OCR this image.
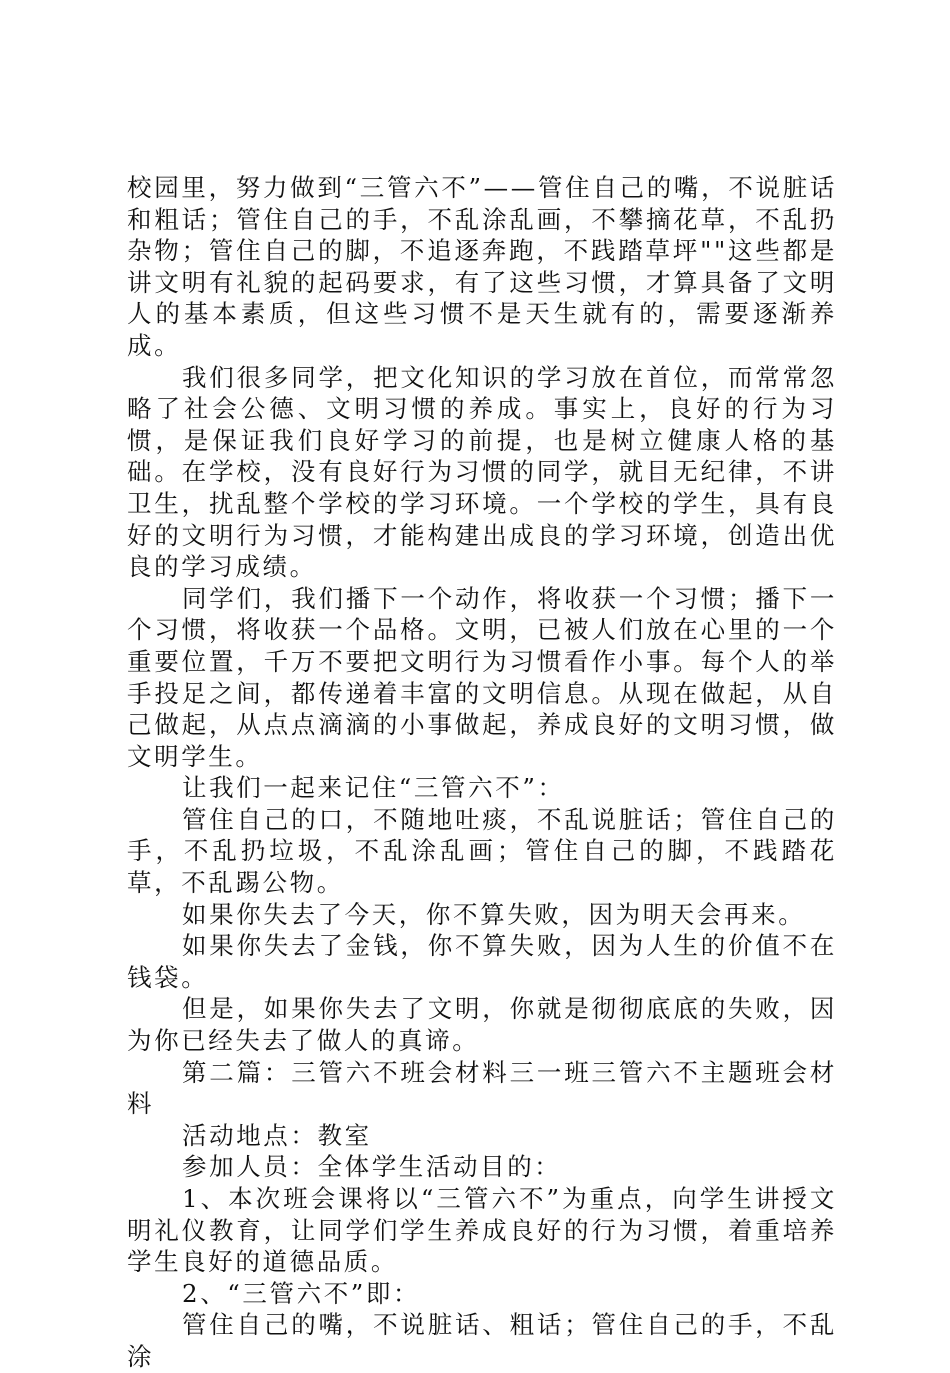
校园里，努力做到“三管六不”——管住自己的嘴，不说脏话和粗话；管住自己的手，不乱涂乱画，不攀摘花草，不乱扔杂物；管住自己的脚，不追逐奔跑，不践踏草坪""这些都是讲文明有礼貌的起码要求，有了这些习惯，才算具备了文明人的基本素质，但这些习惯不是天生就有的，需要逐渐养成。

我们很多同学，把文化知识的学习放在首位，而常常忽略了社会公德、文明习惯的养成。事实上，良好的行为习惯，是保证我们良好学习的前提，也是树立健康人格的基础。在学校，没有良好行为习惯的同学，就目无纪律，不讲卫生，扰乱整个学校的学习环境。一个学校的学生，具有良好的文明行为习惯，才能构建出成良的学习环境，创造出优良的学习成绩。

同学们，我们播下一个动作，将收获一个习惯；播下一个习惯，将收获一个品格。文明，已被人们放在心里的一个重要位置，千万不要把文明行为习惯看作小事。每个人的举手投足之间，都传递着丰富的文明信息。从现在做起，从自己做起，从点点滴滴的小事做起，养成良好的文明习惯，做文明学生。

让我们一起来记住“三管六不”：

管住自己的口，不随地吐痰，不乱说脏话；管住自己的手，不乱扔垃圾，不乱涂乱画；管住自己的脚，不践踏花草，不乱踢公物。

如果你失去了今天，你不算失败，因为明天会再来。

如果你失去了金钱，你不算失败，因为人生的价值不在钱袋。

但是，如果你失去了文明，你就是彻彻底底的失败，因为你已经失去了做人的真谛。

第二篇：三管六不班会材料三一班三管六不主题班会材料

活动地点：教室

参加人员：全体学生活动目的：

1、本次班会课将以“三管六不”为重点，向学生讲授文明礼仪教育，让同学们学生养成良好的行为习惯，着重培养学生良好的道德品质。

2、“三管六不”即：

管住自己的嘴，不说脏话、粗话；管住自己的手，不乱涂
